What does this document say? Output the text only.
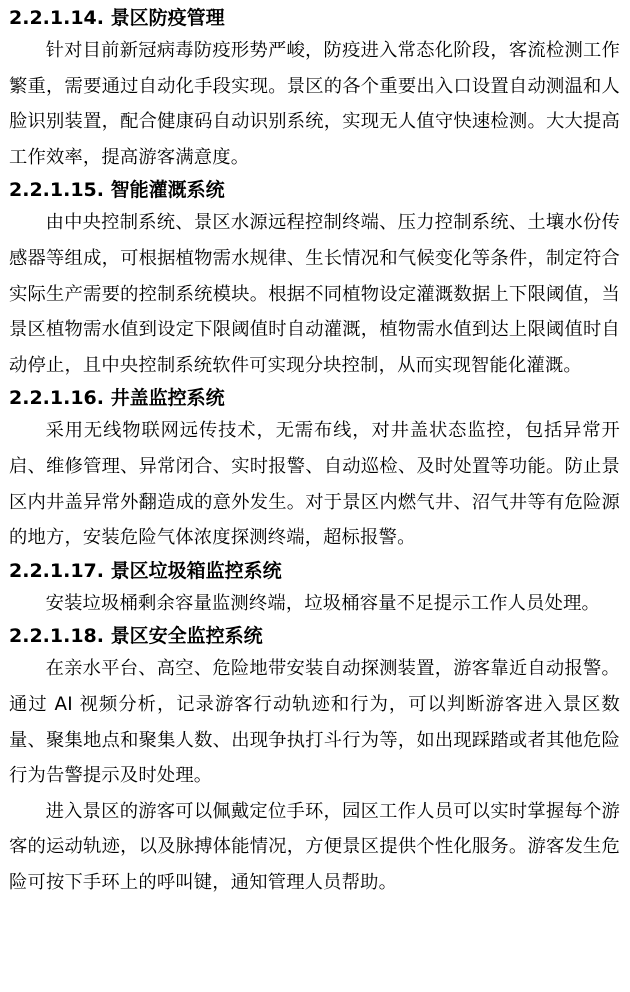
2.2.1.14. 景区防疫管理

针对目前新冠病毒防疫形势严峻，防疫进入常态化阶段，客流检测工作繁重，需要通过自动化手段实现。景区的各个重要出入口设置自动测温和人脸识别装置，配合健康码自动识别系统，实现无人值守快速检测。大大提高工作效率，提高游客满意度。

2.2.1.15. 智能灌溉系统

由中央控制系统、景区水源远程控制终端、压力控制系统、土壤水份传感器等组成，可根据植物需水规律、生长情况和气候变化等条件，制定符合实际生产需要的控制系统模块。根据不同植物设定灌溉数据上下限阈值，当景区植物需水值到设定下限阈值时自动灌溉，植物需水值到达上限阈值时自动停止，且中央控制系统软件可实现分块控制，从而实现智能化灌溉。

2.2.1.16. 井盖监控系统

采用无线物联网远传技术，无需布线，对井盖状态监控，包括异常开启、维修管理、异常闭合、实时报警、自动巡检、及时处置等功能。防止景区内井盖异常外翻造成的意外发生。对于景区内燃气井、沼气井等有危险源的地方，安装危险气体浓度探测终端，超标报警。

2.2.1.17. 景区垃圾箱监控系统

安装垃圾桶剩余容量监测终端，垃圾桶容量不足提示工作人员处理。

2.2.1.18. 景区安全监控系统

在亲水平台、高空、危险地带安装自动探测装置，游客靠近自动报警。通过 AI 视频分析，记录游客行动轨迹和行为，可以判断游客进入景区数量、聚集地点和聚集人数、出现争执打斗行为等，如出现踩踏或者其他危险行为告警提示及时处理。

进入景区的游客可以佩戴定位手环，园区工作人员可以实时掌握每个游客的运动轨迹，以及脉搏体能情况，方便景区提供个性化服务。游客发生危险可按下手环上的呼叫键，通知管理人员帮助。
